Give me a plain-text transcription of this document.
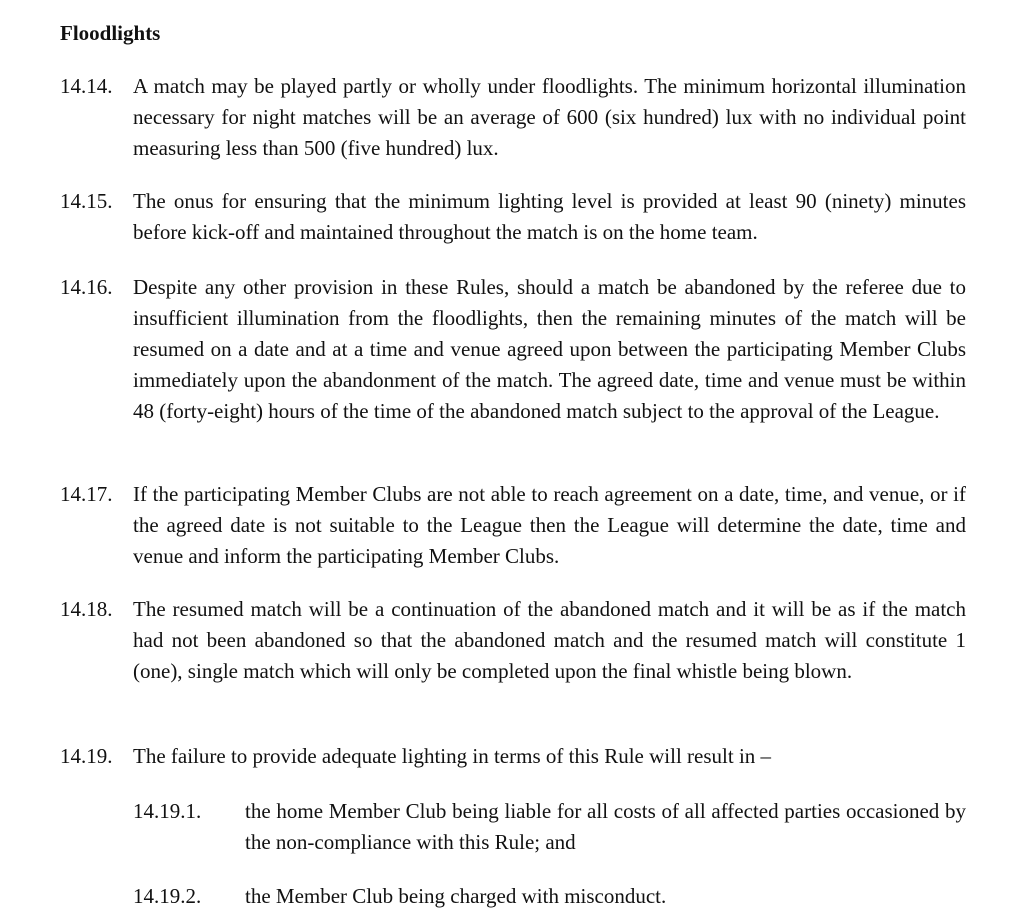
Floodlights
14.14. A match may be played partly or wholly under floodlights. The minimum horizontal illumination necessary for night matches will be an average of 600 (six hundred) lux with no individual point measuring less than 500 (five hundred) lux.
14.15. The onus for ensuring that the minimum lighting level is provided at least 90 (ninety) minutes before kick-off and maintained throughout the match is on the home team.
14.16. Despite any other provision in these Rules, should a match be abandoned by the referee due to insufficient illumination from the floodlights, then the remaining minutes of the match will be resumed on a date and at a time and venue agreed upon between the participating Member Clubs immediately upon the abandonment of the match. The agreed date, time and venue must be within 48 (forty-eight) hours of the time of the abandoned match subject to the approval of the League.
14.17. If the participating Member Clubs are not able to reach agreement on a date, time, and venue, or if the agreed date is not suitable to the League then the League will determine the date, time and venue and inform the participating Member Clubs.
14.18. The resumed match will be a continuation of the abandoned match and it will be as if the match had not been abandoned so that the abandoned match and the resumed match will constitute 1 (one), single match which will only be completed upon the final whistle being blown.
14.19. The failure to provide adequate lighting in terms of this Rule will result in –
14.19.1. the home Member Club being liable for all costs of all affected parties occasioned by the non-compliance with this Rule; and
14.19.2. the Member Club being charged with misconduct.
